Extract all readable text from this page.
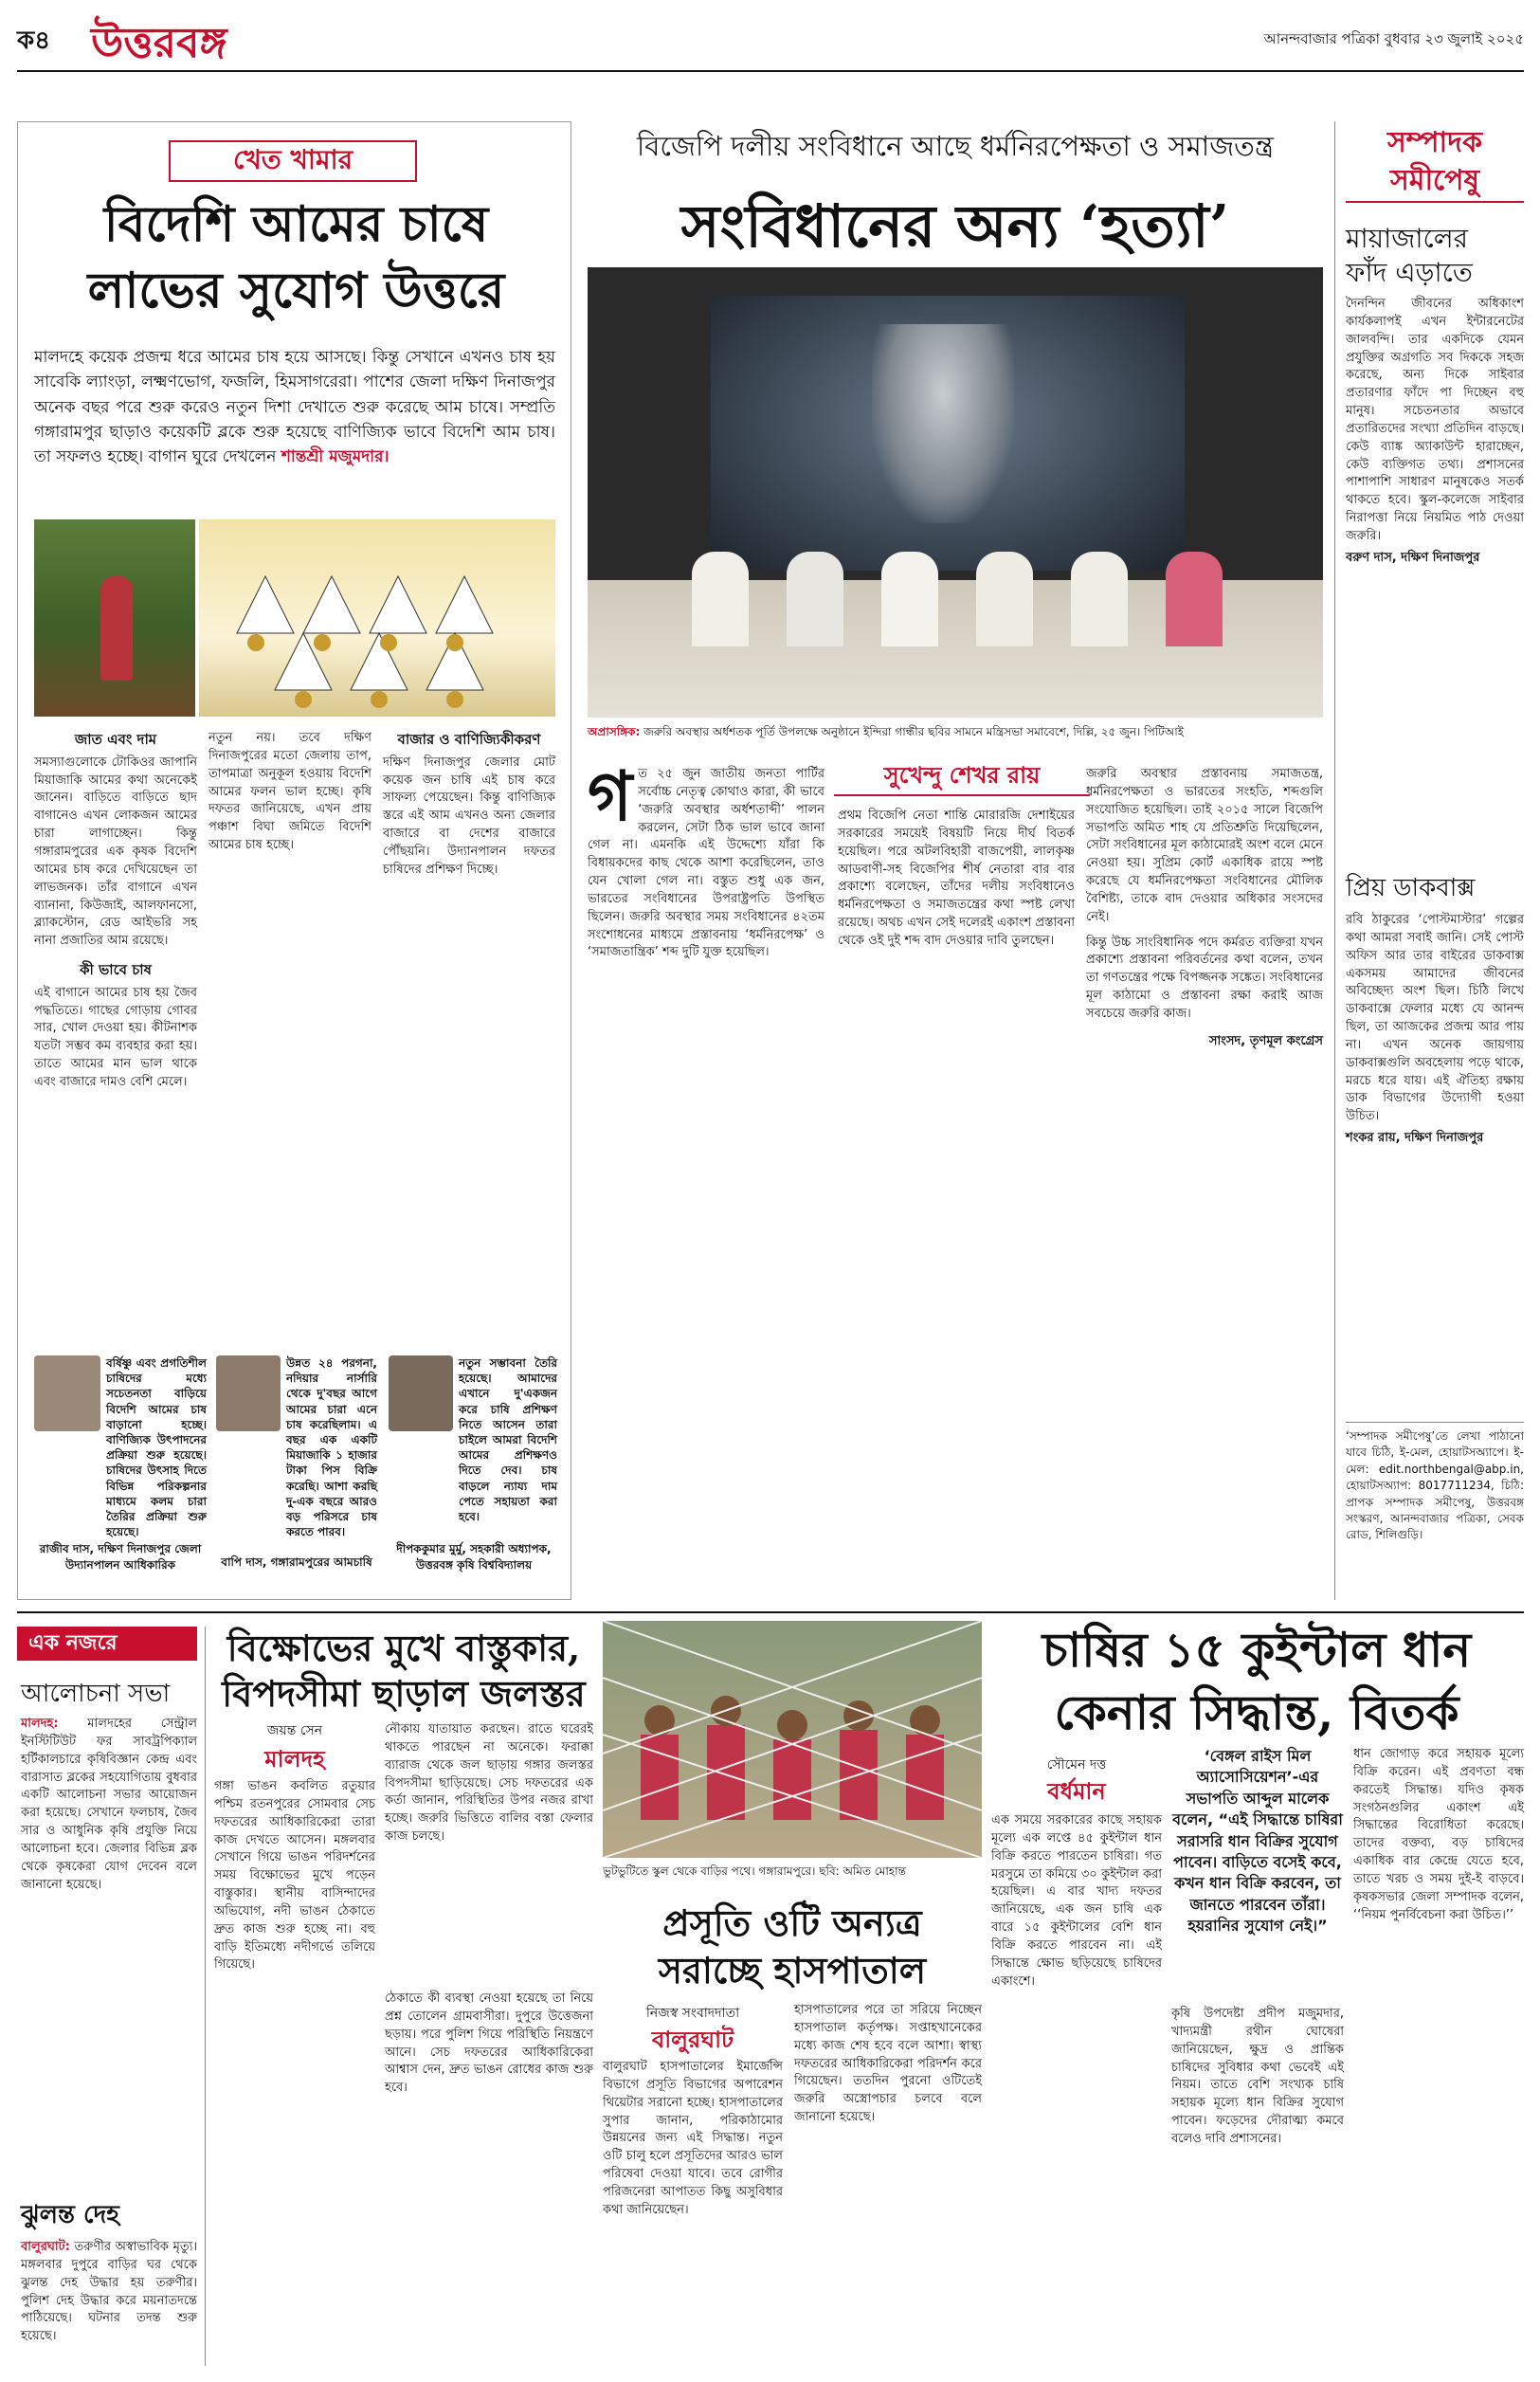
ক৪ উত্তরবঙ্গ	আনন্দবাজার পত্রিকা বুধবার ২৩ জুলাই ২০২৫
খেত খামার
বিদেশি আমের চাষে
লাভের সুযোগ উত্তরে
মালদহে কয়েক প্রজন্ম ধরে আমের চাষ হয়ে আসছে। কিন্তু সেখানে এখনও চাষ হয় সাবেকি ল্যাংড়া, লক্ষ্মণভোগ, ফজলি, হিমসাগরেরা। পাশের জেলা দক্ষিণ দিনাজপুর অনেক বছর পরে শুরু করেও নতুন দিশা দেখাতে শুরু করেছে আম চাষে। সম্প্রতি গঙ্গারামপুর ছাড়াও কয়েকটি ব্লকে শুরু হয়েছে বাণিজ্যিক ভাবে বিদেশি আম চাষ। তা সফলও হচ্ছে। বাগান ঘুরে দেখলেন শান্তশ্রী মজুমদার।
জাত এবং দাম
সমস্যাগুলোকে টোকিওর জাপানি মিয়াজাকি আমের কথা অনেকেই জানেন। বাড়িতে বাড়িতে ছাদ বাগানেও এখন লোকজন আমের চারা লাগাচ্ছেন। কিন্তু গঙ্গারামপুরের এক কৃষক বিদেশি আমের চাষ করে দেখিয়েছেন তা লাভজনক। তাঁর বাগানে এখন ব্যানানা, কিউজাই, আলফানসো, ব্ল্যাকস্টোন, রেড আইভরি সহ নানা প্রজাতির আম রয়েছে।
কী ভাবে চাষ
এই বাগানে আমের চাষ হয় জৈব পদ্ধতিতে। গাছের গোড়ায় গোবর সার, খোল দেওয়া হয়। কীটনাশক যতটা সম্ভব কম ব্যবহার করা হয়। তাতে আমের মান ভাল থাকে এবং বাজারে দামও বেশি মেলে।
নতুন নয়। তবে দক্ষিণ দিনাজপুরের মতো জেলায় তাপ, তাপমাত্রা অনুকূল হওয়ায় বিদেশি আমের ফলন ভাল হচ্ছে। কৃষি দফতর জানিয়েছে, এখন প্রায় পঞ্চাশ বিঘা জমিতে বিদেশি আমের চাষ হচ্ছে।
বাজার ও বাণিজ্যিকীকরণ
দক্ষিণ দিনাজপুর জেলার মোট কয়েক জন চাষি এই চাষ করে সাফল্য পেয়েছেন। কিন্তু বাণিজ্যিক স্তরে এই আম এখনও অন্য জেলার বাজারে বা দেশের বাজারে পৌঁছয়নি। উদ্যানপালন দফতর চাষিদের প্রশিক্ষণ দিচ্ছে।
বর্ষিষ্ণু এবং প্রগতিশীল চাষিদের মধ্যে সচেতনতা বাড়িয়ে বিদেশি আমের চাষ বাড়ানো হচ্ছে। বাণিজ্যিক উৎপাদনের প্রক্রিয়া শুরু হয়েছে। চাষিদের উৎসাহ দিতে বিভিন্ন পরিকল্পনার মাধ্যমে কলম চারা তৈরির প্রক্রিয়া শুরু হয়েছে।
রাজীব দাস, দক্ষিণ দিনাজপুর জেলা উদ্যানপালন আধিকারিক
উন্নত ২৪ পরগনা, নদিয়ার নার্সারি থেকে দু'বছর আগে আমের চারা এনে চাষ করেছিলাম। এ বছর এক একটি মিয়াজাকি ১ হাজার টাকা পিস বিক্রি করেছি। আশা করছি দু-এক বছরে আরও বড় পরিসরে চাষ করতে পারব।
বাপি দাস, গঙ্গারামপুরের আমচাষি
নতুন সম্ভাবনা তৈরি হয়েছে। আমাদের এখানে দু'একজন করে চাষি প্রশিক্ষণ নিতে আসেন তারা চাইলে আমরা বিদেশি আমের প্রশিক্ষণও দিতে দেব। চাষ বাড়লে ন্যায্য দাম পেতে সহায়তা করা হবে।
দীপককুমার মুর্মু, সহকারী অধ্যাপক, উত্তরবঙ্গ কৃষি বিশ্ববিদ্যালয়
বিজেপি দলীয় সংবিধানে আছে ধর্মনিরপেক্ষতা ও সমাজতন্ত্র
সংবিধানের অন্য ‘হত্যা’
অপ্রাসঙ্গিক: জরুরি অবস্থার অর্ধশতক পূর্তি উপলক্ষে অনুষ্ঠানে ইন্দিরা গান্ধীর ছবির সামনে মন্ত্রিসভা সমাবেশে, দিল্লি, ২৫ জুন। পিটিআই
সুখেন্দু শেখর রায়
গ ত ২৫ জুন জাতীয় জনতা পার্টির সর্বোচ্চ নেতৃত্ব কোথাও কারা, কী ভাবে ‘জরুরি অবস্থার অর্ধশতাব্দী’ পালন করলেন, সেটা ঠিক ভাল ভাবে জানা গেল না। এমনকি এই উদ্দেশ্যে যাঁরা কি বিধায়কদের কাছ থেকে আশা করেছিলেন, তাও যেন খোলা গেল না। বস্তুত শুধু এক জন, ভারতের সংবিধানের উপরাষ্ট্রপতি উপস্থিত ছিলেন। জরুরি অবস্থার সময় সংবিধানের ৪২তম সংশোধনের মাধ্যমে প্রস্তাবনায় ‘ধর্মনিরপেক্ষ’ ও ‘সমাজতান্ত্রিক’ শব্দ দুটি যুক্ত হয়েছিল।
প্রথম বিজেপি নেতা শান্তি মোরারজি দেশাইয়ের সরকারের সময়েই বিষয়টি নিয়ে দীর্ঘ বিতর্ক হয়েছিল। পরে অটলবিহারী বাজপেয়ী, লালকৃষ্ণ আডবাণী-সহ বিজেপির শীর্ষ নেতারা বার বার প্রকাশ্যে বলেছেন, তাঁদের দলীয় সংবিধানেও ধর্মনিরপেক্ষতা ও সমাজতন্ত্রের কথা স্পষ্ট লেখা রয়েছে। অথচ এখন সেই দলেরই একাংশ প্রস্তাবনা থেকে ওই দুই শব্দ বাদ দেওয়ার দাবি তুলছেন।
জরুরি অবস্থার প্রস্তাবনায় সমাজতন্ত্র, ধর্মনিরপেক্ষতা ও ভারতের সংহতি, শব্দগুলি সংযোজিত হয়েছিল। তাই ২০১৫ সালে বিজেপি সভাপতি অমিত শাহ যে প্রতিশ্রুতি দিয়েছিলেন, সেটা সংবিধানের মূল কাঠামোরই অংশ বলে মেনে নেওয়া হয়। সুপ্রিম কোর্ট একাধিক রায়ে স্পষ্ট করেছে যে ধর্মনিরপেক্ষতা সংবিধানের মৌলিক বৈশিষ্ট্য, তাকে বাদ দেওয়ার অধিকার সংসদের নেই।
কিন্তু উচ্চ সাংবিধানিক পদে কর্মরত ব্যক্তিরা যখন প্রকাশ্যে প্রস্তাবনা পরিবর্তনের কথা বলেন, তখন তা গণতন্ত্রের পক্ষে বিপজ্জনক সঙ্কেত। সংবিধানের মূল কাঠামো ও প্রস্তাবনা রক্ষা করাই আজ সবচেয়ে জরুরি কাজ।
সাংসদ, তৃণমূল কংগ্রেস
সম্পাদক
সমীপেষু
মায়াজালের
ফাঁদ এড়াতে
দৈনন্দিন জীবনের অধিকাংশ কার্যকলাপই এখন ইন্টারনেটের জালবন্দি। তার একদিকে যেমন প্রযুক্তির অগ্রগতি সব দিককে সহজ করেছে, অন্য দিকে সাইবার প্রতারণার ফাঁদে পা দিচ্ছেন বহু মানুষ। সচেতনতার অভাবে প্রতারিতদের সংখ্যা প্রতিদিন বাড়ছে। কেউ ব্যাঙ্ক অ্যাকাউন্ট হারাচ্ছেন, কেউ ব্যক্তিগত তথ্য। প্রশাসনের পাশাপাশি সাধারণ মানুষকেও সতর্ক থাকতে হবে। স্কুল-কলেজে সাইবার নিরাপত্তা নিয়ে নিয়মিত পাঠ দেওয়া জরুরি।
বরুণ দাস, দক্ষিণ দিনাজপুর
প্রিয় ডাকবাক্স
রবি ঠাকুরের ‘পোস্টমাস্টার’ গল্পের কথা আমরা সবাই জানি। সেই পোস্ট অফিস আর তার বাইরের ডাকবাক্স একসময় আমাদের জীবনের অবিচ্ছেদ্য অংশ ছিল। চিঠি লিখে ডাকবাক্সে ফেলার মধ্যে যে আনন্দ ছিল, তা আজকের প্রজন্ম আর পায় না। এখন অনেক জায়গায় ডাকবাক্সগুলি অবহেলায় পড়ে থাকে, মরচে ধরে যায়। এই ঐতিহ্য রক্ষায় ডাক বিভাগের উদ্যোগী হওয়া উচিত।
শংকর রায়, দক্ষিণ দিনাজপুর
‘সম্পাদক সমীপেষু’তে লেখা পাঠানো যাবে চিঠি, ই-মেল, হোয়াটসঅ্যাপে। ই-মেল: edit.northbengal@abp.in, হোয়াটসঅ্যাপ: 8017711234, চিঠি: প্রাপক সম্পাদক সমীপেষু, উত্তরবঙ্গ সংস্করণ, আনন্দবাজার পত্রিকা, সেবক রোড, শিলিগুড়ি।
এক নজরে
আলোচনা সভা
মালদহ: মালদহের সেন্ট্রাল ইনস্টিটিউট ফর সাবট্রপিক্যাল হর্টিকালচারে কৃষিবিজ্ঞান কেন্দ্র এবং বারাসাত ব্লকের সহযোগিতায় বুধবার একটি আলোচনা সভার আয়োজন করা হয়েছে। সেখানে ফলচাষ, জৈব সার ও আধুনিক কৃষি প্রযুক্তি নিয়ে আলোচনা হবে। জেলার বিভিন্ন ব্লক থেকে কৃষকেরা যোগ দেবেন বলে জানানো হয়েছে।
ঝুলন্ত দেহ
বালুরঘাট: তরুণীর অস্বাভাবিক মৃত্যু। মঙ্গলবার দুপুরে বাড়ির ঘর থেকে ঝুলন্ত দেহ উদ্ধার হয় তরুণীর। পুলিশ দেহ উদ্ধার করে ময়নাতদন্তে পাঠিয়েছে। ঘটনার তদন্ত শুরু হয়েছে।
বিক্ষোভের মুখে বাস্তুকার,
বিপদসীমা ছাড়াল জলস্তর
জয়ন্ত সেন
মালদহ
গঙ্গা ভাঙন কবলিত রতুয়ার পশ্চিম রতনপুরের সোমবার সেচ দফতরের আধিকারিকেরা তারা কাজ দেখতে আসেন। মঙ্গলবার সেখানে গিয়ে ভাঙন পরিদর্শনের সময় বিক্ষোভের মুখে পড়েন বাস্তুকার। স্থানীয় বাসিন্দাদের অভিযোগ, নদী ভাঙন ঠেকাতে দ্রুত কাজ শুরু হচ্ছে না। বহু বাড়ি ইতিমধ্যে নদীগর্ভে তলিয়ে গিয়েছে।
নৌকায় যাতায়াত করছেন। রাতে ঘরেরই থাকতে পারছেন না অনেকে। ফরাক্কা ব্যারাজ থেকে জল ছাড়ায় গঙ্গার জলস্তর বিপদসীমা ছাড়িয়েছে। সেচ দফতরের এক কর্তা জানান, পরিস্থিতির উপর নজর রাখা হচ্ছে। জরুরি ভিত্তিতে বালির বস্তা ফেলার কাজ চলছে।
ঠেকাতে কী ব্যবস্থা নেওয়া হয়েছে তা নিয়ে প্রশ্ন তোলেন গ্রামবাসীরা। দুপুরে উত্তেজনা ছড়ায়। পরে পুলিশ গিয়ে পরিস্থিতি নিয়ন্ত্রণে আনে। সেচ দফতরের আধিকারিকেরা আশ্বাস দেন, দ্রুত ভাঙন রোধের কাজ শুরু হবে।
ভুটভুটিতে স্কুল থেকে বাড়ির পথে। গঙ্গারামপুরে। ছবি: অমিত মোহান্ত
প্রসূতি ওটি অন্যত্র
সরাচ্ছে হাসপাতাল
নিজস্ব সংবাদদাতা
বালুরঘাট
বালুরঘাট হাসপাতালের ইমার্জেন্সি বিভাগে প্রসূতি বিভাগের অপারেশন থিয়েটার সরানো হচ্ছে। হাসপাতালের সুপার জানান, পরিকাঠামোর উন্নয়নের জন্য এই সিদ্ধান্ত। নতুন ওটি চালু হলে প্রসূতিদের আরও ভাল পরিষেবা দেওয়া যাবে। তবে রোগীর পরিজনেরা আপাতত কিছু অসুবিধার কথা জানিয়েছেন।
হাসপাতালের পরে তা সরিয়ে নিচ্ছেন হাসপাতাল কর্তৃপক্ষ। সপ্তাহখানেকের মধ্যে কাজ শেষ হবে বলে আশা। স্বাস্থ্য দফতরের আধিকারিকেরা পরিদর্শন করে গিয়েছেন। ততদিন পুরনো ওটিতেই জরুরি অস্ত্রোপচার চলবে বলে জানানো হয়েছে।
চাষির ১৫ কুইন্টাল ধান
কেনার সিদ্ধান্ত, বিতর্ক
সৌমেন দত্ত
বর্ধমান
এক সময়ে সরকারের কাছে সহায়ক মূল্যে এক লপ্তে ৪৫ কুইন্টাল ধান বিক্রি করতে পারতেন চাষিরা। গত মরসুমে তা কমিয়ে ৩০ কুইন্টাল করা হয়েছিল। এ বার খাদ্য দফতর জানিয়েছে, এক জন চাষি এক বারে ১৫ কুইন্টালের বেশি ধান বিক্রি করতে পারবেন না। এই সিদ্ধান্তে ক্ষোভ ছড়িয়েছে চাষিদের একাংশে।
‘বেঙ্গল রাইস মিল অ্যাসোসিয়েশন’-এর সভাপতি আব্দুল মালেক বলেন, “এই সিদ্ধান্তে চাষিরা সরাসরি ধান বিক্রির সুযোগ পাবেন। বাড়িতে বসেই কবে, কখন ধান বিক্রি করবেন, তা জানতে পারবেন তাঁরা। হয়রানির সুযোগ নেই।”
কৃষি উপদেষ্টা প্রদীপ মজুমদার, খাদ্যমন্ত্রী রথীন ঘোষেরা জানিয়েছেন, ক্ষুদ্র ও প্রান্তিক চাষিদের সুবিধার কথা ভেবেই এই নিয়ম। তাতে বেশি সংখ্যক চাষি সহায়ক মূল্যে ধান বিক্রির সুযোগ পাবেন। ফড়েদের দৌরাত্ম্য কমবে বলেও দাবি প্রশাসনের।
ধান জোগাড় করে সহায়ক মূল্যে বিক্রি করেন। এই প্রবণতা বন্ধ করতেই সিদ্ধান্ত। যদিও কৃষক সংগঠনগুলির একাংশ এই সিদ্ধান্তের বিরোধিতা করেছে। তাদের বক্তব্য, বড় চাষিদের একাধিক বার কেন্দ্রে যেতে হবে, তাতে খরচ ও সময় দুই-ই বাড়বে। কৃষকসভার জেলা সম্পাদক বলেন, ‘‘নিয়ম পুনর্বিবেচনা করা উচিত।’’
